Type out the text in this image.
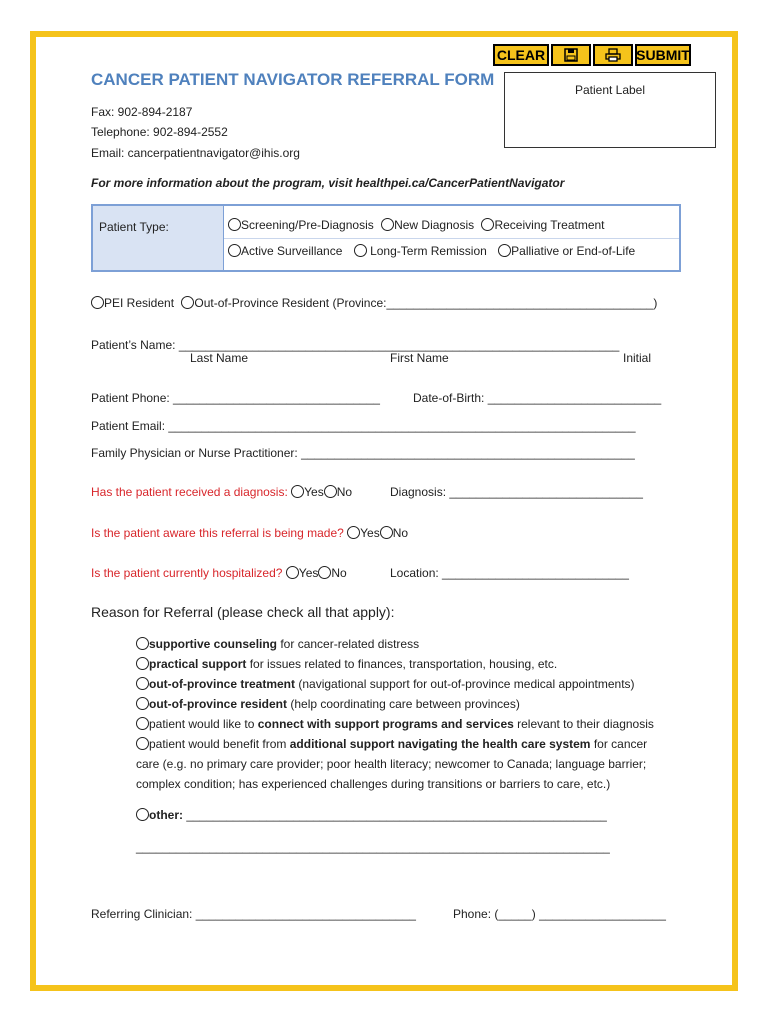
CLEAR	SUBMIT
CANCER PATIENT NAVIGATOR REFERRAL FORM
Patient Label
Fax: 902-894-2187
Telephone: 902-894-2552
Email: cancerpatientnavigator@ihis.org
For more information about the program, visit healthpei.ca/CancerPatientNavigator
Patient Type:	Screening/Pre-Diagnosis New Diagnosis Receiving Treatment
Active Surveillance Long-Term Remission Palliative or End-of-Life
PEI Resident Out-of-Province Resident (Province:________________________________________)
Patient’s Name: __________________________________________________________________
Last Name	First Name	Initial
Patient Phone: _______________________________	Date-of-Birth: __________________________
Patient Email: ______________________________________________________________________
Family Physician or Nurse Practitioner: __________________________________________________
Has the patient received a diagnosis: Yes No	Diagnosis: _____________________________
Is the patient aware this referral is being made? Yes No
Is the patient currently hospitalized? Yes No	Location: ____________________________
Reason for Referral (please check all that apply):
supportive counseling for cancer-related distress
practical support for issues related to finances, transportation, housing, etc.
out-of-province treatment (navigational support for out-of-province medical appointments)
out-of-province resident (help coordinating care between provinces)
patient would like to connect with support programs and services relevant to their diagnosis
patient would benefit from additional support navigating the health care system for cancer
care (e.g. no primary care provider; poor health literacy; newcomer to Canada; language barrier;
complex condition; has experienced challenges during transitions or barriers to care, etc.)
other: _______________________________________________________________
_______________________________________________________________________
Referring Clinician: _________________________________	Phone: (_____) ___________________
